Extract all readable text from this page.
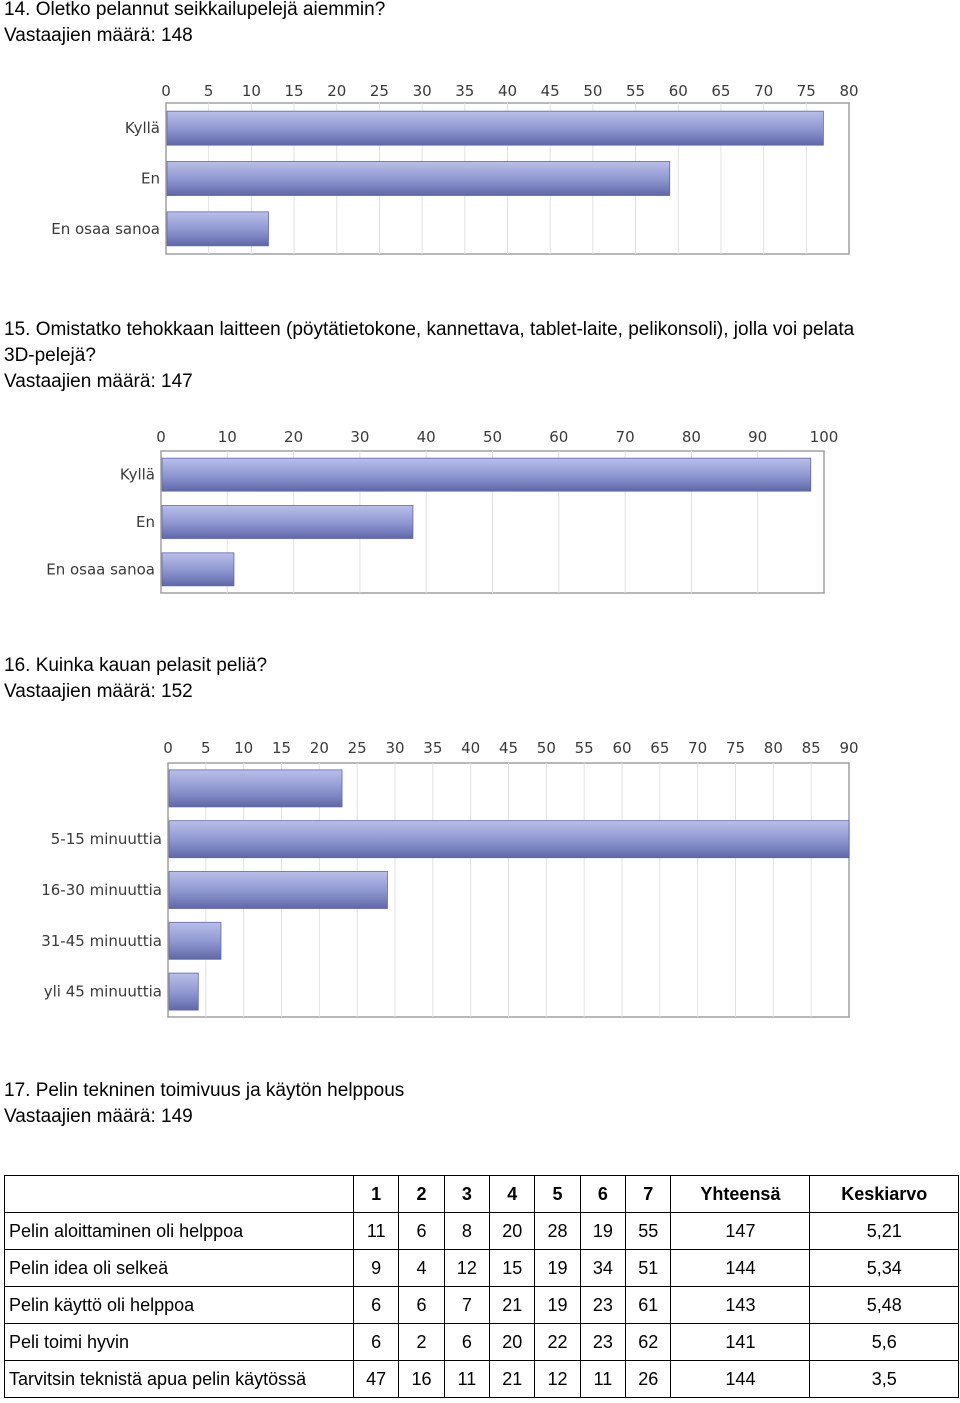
14. Oletko pelannut seikkailupelejä aiemmin?
Vastaajien määrä: 148
15. Omistatko tehokkaan laitteen (pöytätietokone, kannettava, tablet-laite, pelikonsoli), jolla voi pelata
3D-pelejä?
Vastaajien määrä: 147
16. Kuinka kauan pelasit peliä?
Vastaajien määrä: 152
17. Pelin tekninen toimivuus ja käytön helppous
Vastaajien määrä: 149
0 5 10 15 20 25 30 35 40 45 50 55 60 65 70 75 80
Kyllä
En
En osaa sanoa
0	10	20	30	40	50	60	70	80	90	100
Kyllä
En
En osaa sanoa
0 5 10 15 20 25 30 35 40 45 50 55 60 65 70 75 80 85 90
5-15 minuuttia
16-30 minuuttia
31-45 minuuttia
yli 45 minuuttia
	1	2	3	4	5	6	7	Yhteensä	Keskiarvo
Pelin aloittaminen oli helppoa	11	6	8	20	28	19	55	147	5,21
Pelin idea oli selkeä	9	4	12	15	19	34	51	144	5,34
Pelin käyttö oli helppoa	6	6	7	21	19	23	61	143	5,48
Peli toimi hyvin	6	2	6	20	22	23	62	141	5,6
Tarvitsin teknistä apua pelin käytössä	47	16	11	21	12	11	26	144	3,5
